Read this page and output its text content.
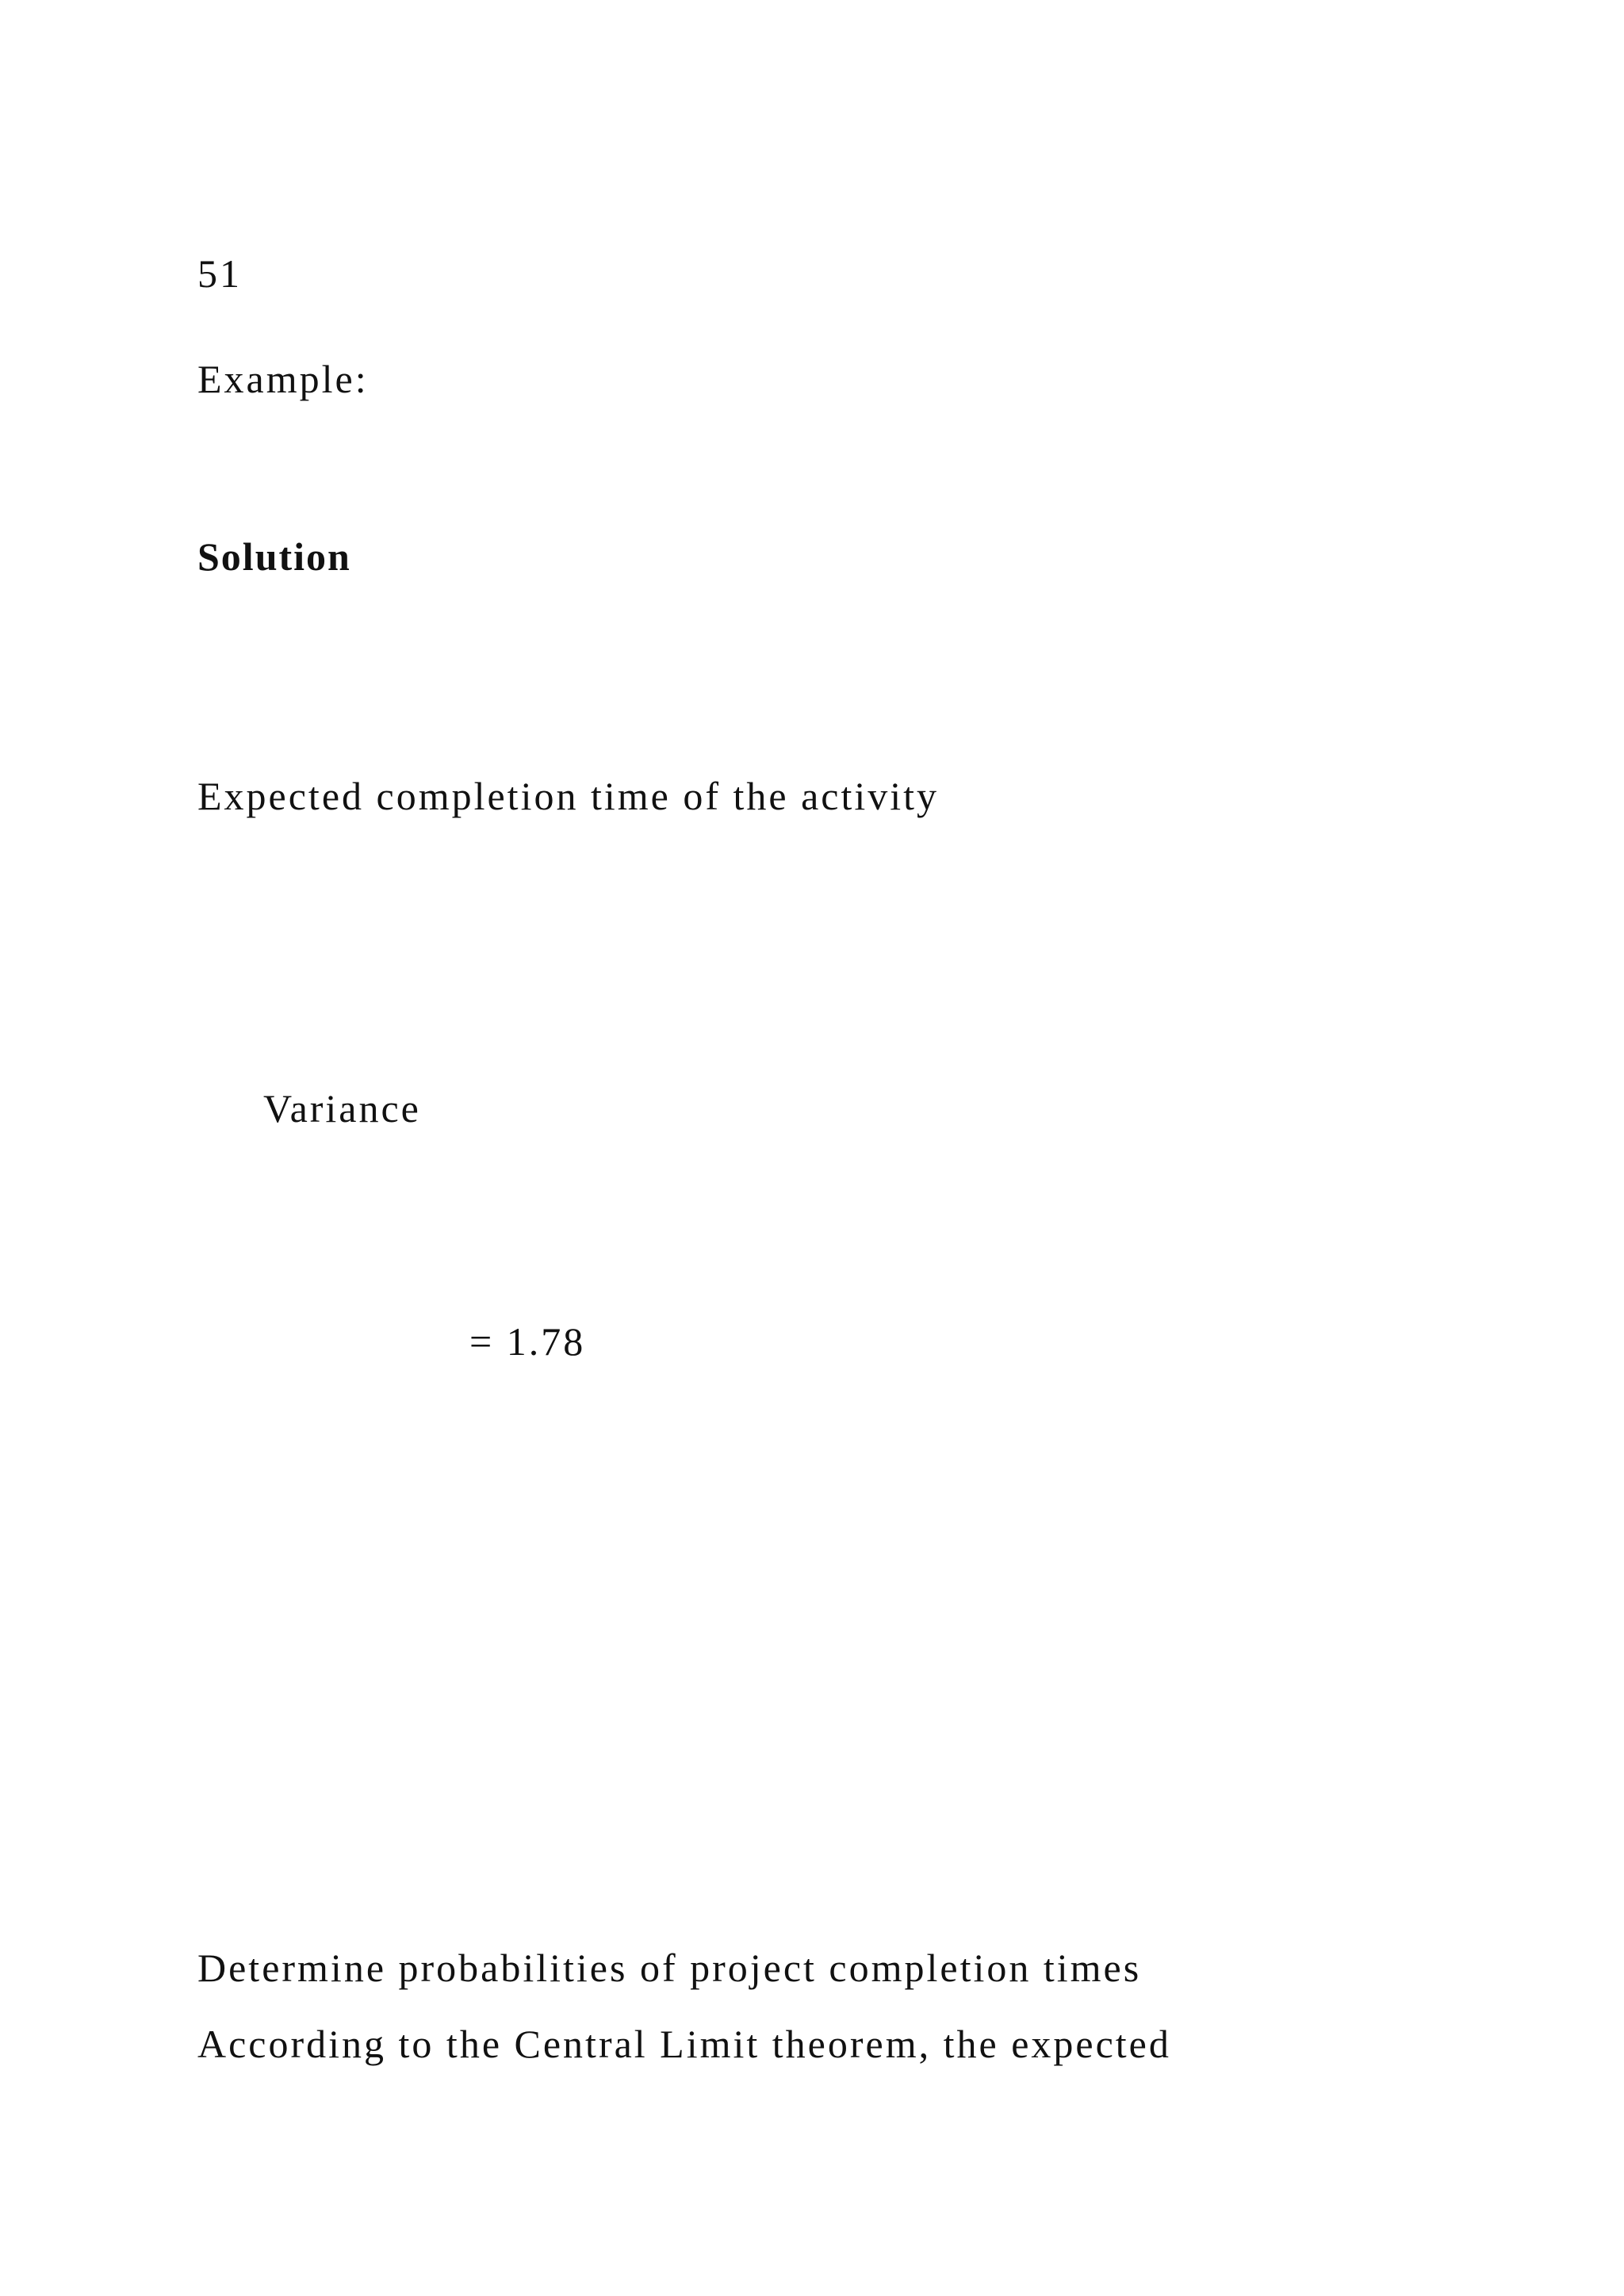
51
Example:
Solution
Expected completion time of the activity
Variance
= 1.78
Determine probabilities of project completion times
According to the Central Limit theorem, the expected
